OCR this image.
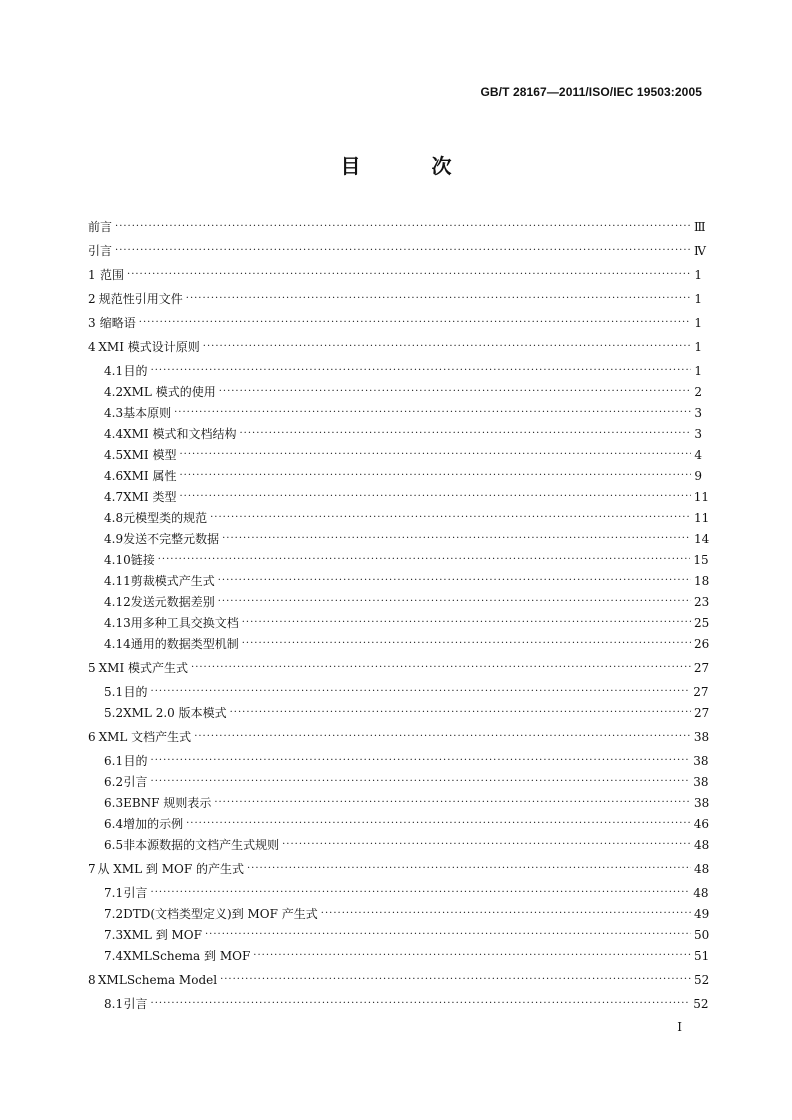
GB/T 28167—2011/ISO/IEC 19503:2005
目 次
前言 ·····	Ⅲ
引言 ·····	Ⅳ
1 范围 ·····	1
2 规范性引用文件 ·····	1
3 缩略语 ·····	1
4 XMI 模式设计原则 ·····	1
4.1 目的 ·····	1
4.2 XML 模式的使用 ·····	2
4.3 基本原则 ·····	3
4.4 XMI 模式和文档结构 ·····	3
4.5 XMI 模型 ·····	4
4.6 XMI 属性 ·····	9
4.7 XMI 类型 ·····	11
4.8 元模型类的规范 ·····	11
4.9 发送不完整元数据 ·····	14
4.10 链接 ·····	15
4.11 剪裁模式产生式 ·····	18
4.12 发送元数据差别 ·····	23
4.13 用多种工具交换文档 ·····	25
4.14 通用的数据类型机制 ·····	26
5 XMI 模式产生式 ·····	27
5.1 目的 ·····	27
5.2 XML 2.0 版本模式 ·····	27
6 XML 文档产生式 ·····	38
6.1 目的 ·····	38
6.2 引言 ·····	38
6.3 EBNF 规则表示 ·····	38
6.4 增加的示例 ·····	46
6.5 非本源数据的文档产生式规则 ·····	48
7 从 XML 到 MOF 的产生式 ·····	48
7.1 引言 ·····	48
7.2 DTD(文档类型定义)到 MOF 产生式 ·····	49
7.3 XML 到 MOF ·····	50
7.4 XMLSchema 到 MOF ·····	51
8 XMLSchema Model ·····	52
8.1 引言 ·····	52
I
